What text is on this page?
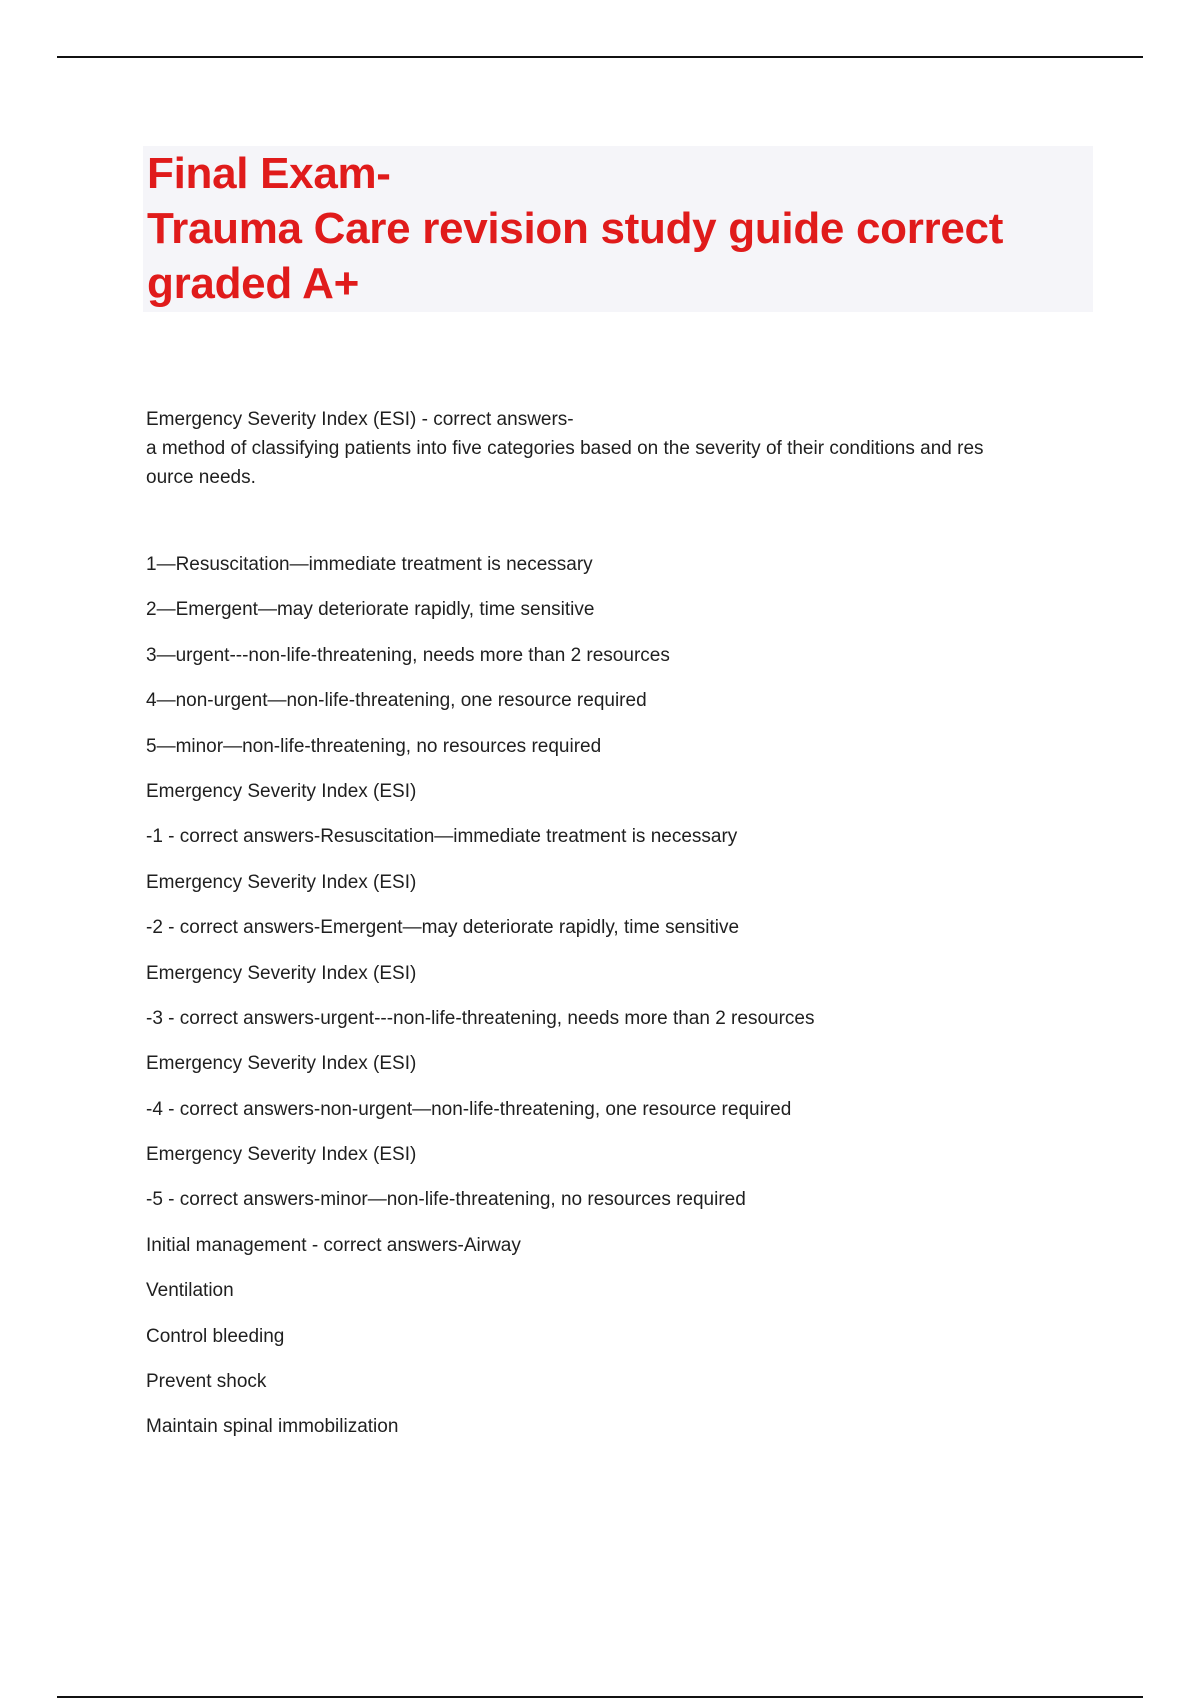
Final Exam-
Trauma Care revision study guide correct
graded A+

Emergency Severity Index (ESI) - correct answers-

a method of classifying patients into five categories based on the severity of their conditions and res

ource needs.

1—Resuscitation—immediate treatment is necessary
2—Emergent—may deteriorate rapidly, time sensitive
3—urgent---non-life-threatening, needs more than 2 resources
4—non-urgent—non-life-threatening, one resource required
5—minor—non-life-threatening, no resources required
Emergency Severity Index (ESI)
-1 - correct answers-Resuscitation—immediate treatment is necessary
Emergency Severity Index (ESI)
-2 - correct answers-Emergent—may deteriorate rapidly, time sensitive
Emergency Severity Index (ESI)
-3 - correct answers-urgent---non-life-threatening, needs more than 2 resources
Emergency Severity Index (ESI)
-4 - correct answers-non-urgent—non-life-threatening, one resource required
Emergency Severity Index (ESI)
-5 - correct answers-minor—non-life-threatening, no resources required
Initial management - correct answers-Airway
Ventilation
Control bleeding
Prevent shock
Maintain spinal immobilization
